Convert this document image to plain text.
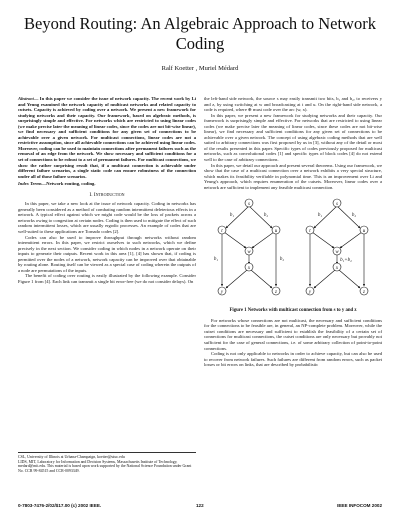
Beyond Routing: An Algebraic Approach to Network Coding
Ralf Koetter , Muriel Médard

Abstract— In this paper we consider the issue of network capacity. The recent work by Li and Yeung examined the network capacity of multicast networks and related capacity to cutsets. Capacity is achieved by coding over a network. We present a new framework for studying networks and their capacity. Our framework, based on algebraic methods, is surprisingly simple and effective. For networks which are restricted to using linear codes (we make precise later the meaning of linear codes, since the codes are not bit-wise linear), we find necessary and sufficient conditions for any given set of connections to be achievable over a given network. For multicast connections, linear codes are not a restrictive assumption, since all achievable connections can be achieved using linear codes. Moreover, coding can be used to maintain connections after permanent failures such as the removal of an edge from the network. We show necessary and sufficient conditions for a set of connections to be robust to a set of permanent failures. For multicast connections, we show the rather surprising result that, if a multicast connection is achievable under different failure scenarios, a single static code can ensure robustness of the connection under all of those failure scenarios.

Index Terms—Network routing, coding.

I. Introduction

In this paper, we take a new look at the issue of network capacity. Coding in networks has generally been considered as a method of combating random intermittent deleterious effects in a network. A typical effect against which we might code would be the loss of packets across a networks owing to congestion at certain nodes. Coding is then used to mitigate the effect of such random intermittent losses, which are usually ergodic processes. An example of codes that are well-suited to these applications are Tornado codes [2].

Codes can also be used to improve throughput through networks without random intermittent errors. In this paper, we restrict ourselves to such networks, which we define precisely in the next section. We consider coding in which nodes in a network operate on their inputs to generate their outputs. Recent work in this area [1], [4] has shown that, if coding is permitted over the nodes of a network, network capacity can be improved over that obtainable by routing alone. Routing itself can be viewed as a special case of coding wherein the outputs of a node are permutations of the inputs.

The benefit of coding over routing is easily illustrated by the following example. Consider Figure 1 from [4]. Each link can transmit a single bit error-free (we do not consider delays). On

CSL, University of Illinois at Urbana-Champaign, koetter@uiuc.edu

LIDS, MIT, Laboratory for Information and Decision Systems, Massachusetts Institute of Technology, medard@mit.edu. This material is based upon work supported by the National Science Foundation under Grant No. CCR 99-84515 and CCR-0093349.

the left-hand side network, the source s may easily transmit two bits, b₁ and b₂, to receivers y and z, by using switching at w and broadcasting at t and u. On the right-hand side network, a code is required, where ⊕ must code over the arc (w, x).

In this paper, we present a new framework for studying networks and their capacity. Our framework is surprisingly simple and effective. For networks that are restricted to using linear codes (we make precise later the meaning of linear codes, since these codes are not bit-wise linear), we find necessary and sufficient conditions for any given set of connections to be achievable over a given network. The concept of using algebraic coding methods that are well suited to arbitrary connections was first proposed by us in [3], without any of the detail or most of the results presented in this paper. Specific types of codes previously proposed for multicast networks, such as convolutional codes [1] and specific types of block codes [4] do not extend well to the case of arbitrary connections.

In this paper, we detail our approach and present several theorems. Using our framework, we show that the case of a multicast connection over a network exhibits a very special structure, which makes its feasibility verifiable in polynomial time. This is an improvement over Li and Yeung's approach, which requires enumeration of the cutsets. Moreover, linear codes over a network are sufficient to implement any feasible multicast connection.

s
t	u
w
x
y	z
b₁	b₂
b₁	b₂
s
t	u
w
x
y	z
b₁	b₂
b₁+b₂
Figure 1 Networks with multicast connection from s to y and z

For networks whose connections are not multicast, the necessary and sufficient conditions for the connections to be feasible are, in general, an NP-complete problem. Moreover, while the cutset conditions are necessary and sufficient to establish the feasibility of a certain set of connections for multicast connections, the cutset conditions are only necessary but provably not sufficient for the case of general connections, i.e. of some arbitrary collection of point-to-point connections.

Coding is not only applicable to networks in order to achieve capacity, but can also be used to recover from network failures. Such failures are different from random errors, such as packet losses or bit errors on links, that are described by probabilistic

0-7803-7476-2/02/$17.00 (c) 2002 IEEE.	122	IEEE INFOCOM 2002
